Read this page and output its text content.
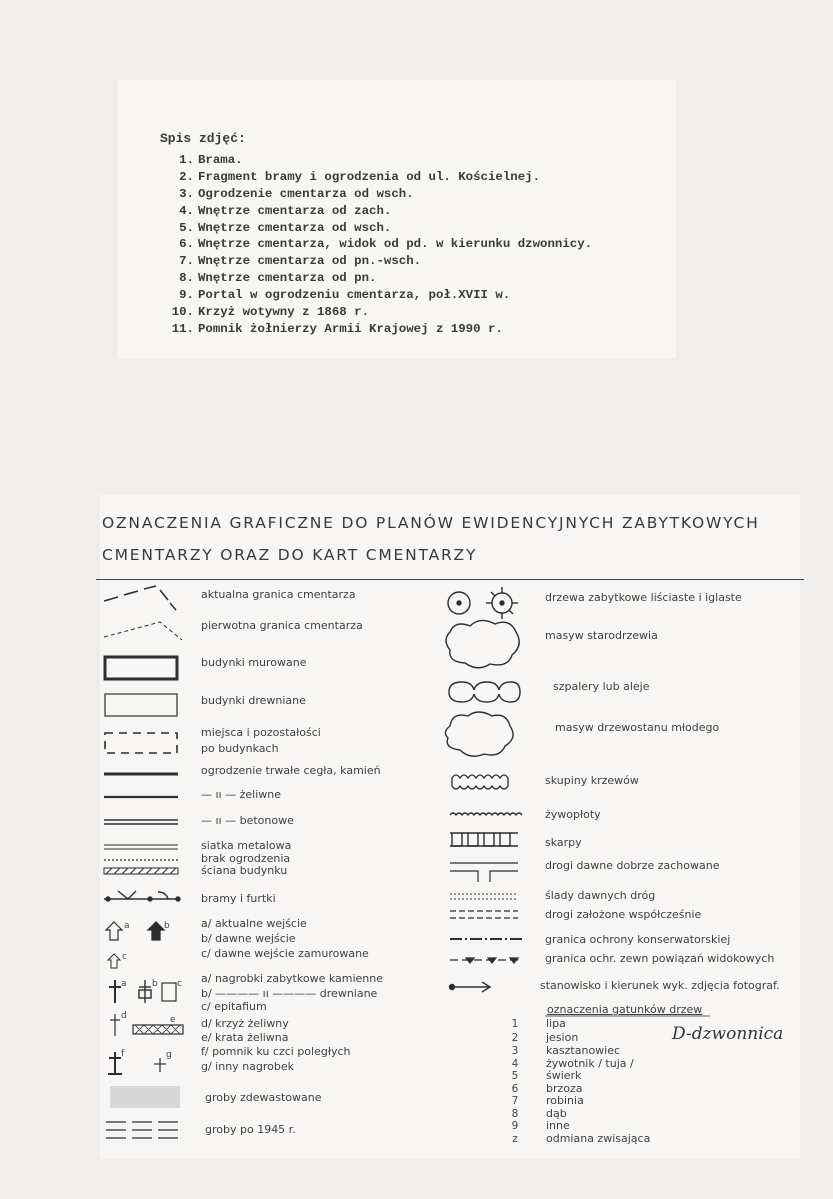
Spis zdjęć:
1. Brama.
2. Fragment bramy i ogrodzenia od ul. Kościelnej.
3. Ogrodzenie cmentarza od wsch.
4. Wnętrze cmentarza od zach.
5. Wnętrze cmentarza od wsch.
6. Wnętrze cmentarza, widok od pd. w kierunku dzwonnicy.
7. Wnętrze cmentarza od pn.-wsch.
8. Wnętrze cmentarza od pn.
9. Portal w ogrodzeniu cmentarza, poł.XVII w.
10. Krzyż wotywny z 1868 r.
11. Pomnik żołnierzy Armii Krajowej z 1990 r.
OZNACZENIA GRAFICZNE DO PLANÓW EWIDENCYJNYCH ZABYTKOWYCH
CMENTARZY ORAZ DO KART CMENTARZY
aktualna granica cmentarza
pierwotna granica cmentarza
budynki murowane
budynki drewniane
miejsca i pozostałości
po budynkach
ogrodzenie trwałe cegła, kamień
— ıı — żeliwne
— ıı — betonowe
siatka metalowa
brak ogrodzenia
ściana budynku
bramy i furtki
a/ aktualne wejście
b/ dawne wejście
c/ dawne wejście zamurowane
a/ nagrobki zabytkowe kamienne
b/ ———— ıı ———— drewniane
c/ epitafium
d/ krzyż żeliwny
e/ krata żeliwna
f/ pomnik ku czci poległych
g/ inny nagrobek
groby zdewastowane
groby po 1945 r.
drzewa zabytkowe liściaste i iglaste
masyw starodrzewia
szpalery lub aleje
masyw drzewostanu młodego
skupiny krzewów
żywopłoty
skarpy
drogi dawne dobrze zachowane
ślady dawnych dróg
drogi założone współcześnie
granica ochrony konserwatorskiej
granica ochr. zewn powiązań widokowych
stanowisko i kierunek wyk. zdjęcia fotograf.
oznaczenia gatunków drzew
1	lipa
2	jesion
3	kasztanowiec
4	żywotnik / tuja /
5	świerk
6	brzoza
7	robinia
8	dąb
9	inne
z	odmiana zwisająca
D-dzwonnica
a	b
c
a	b c
d	e
f	g
